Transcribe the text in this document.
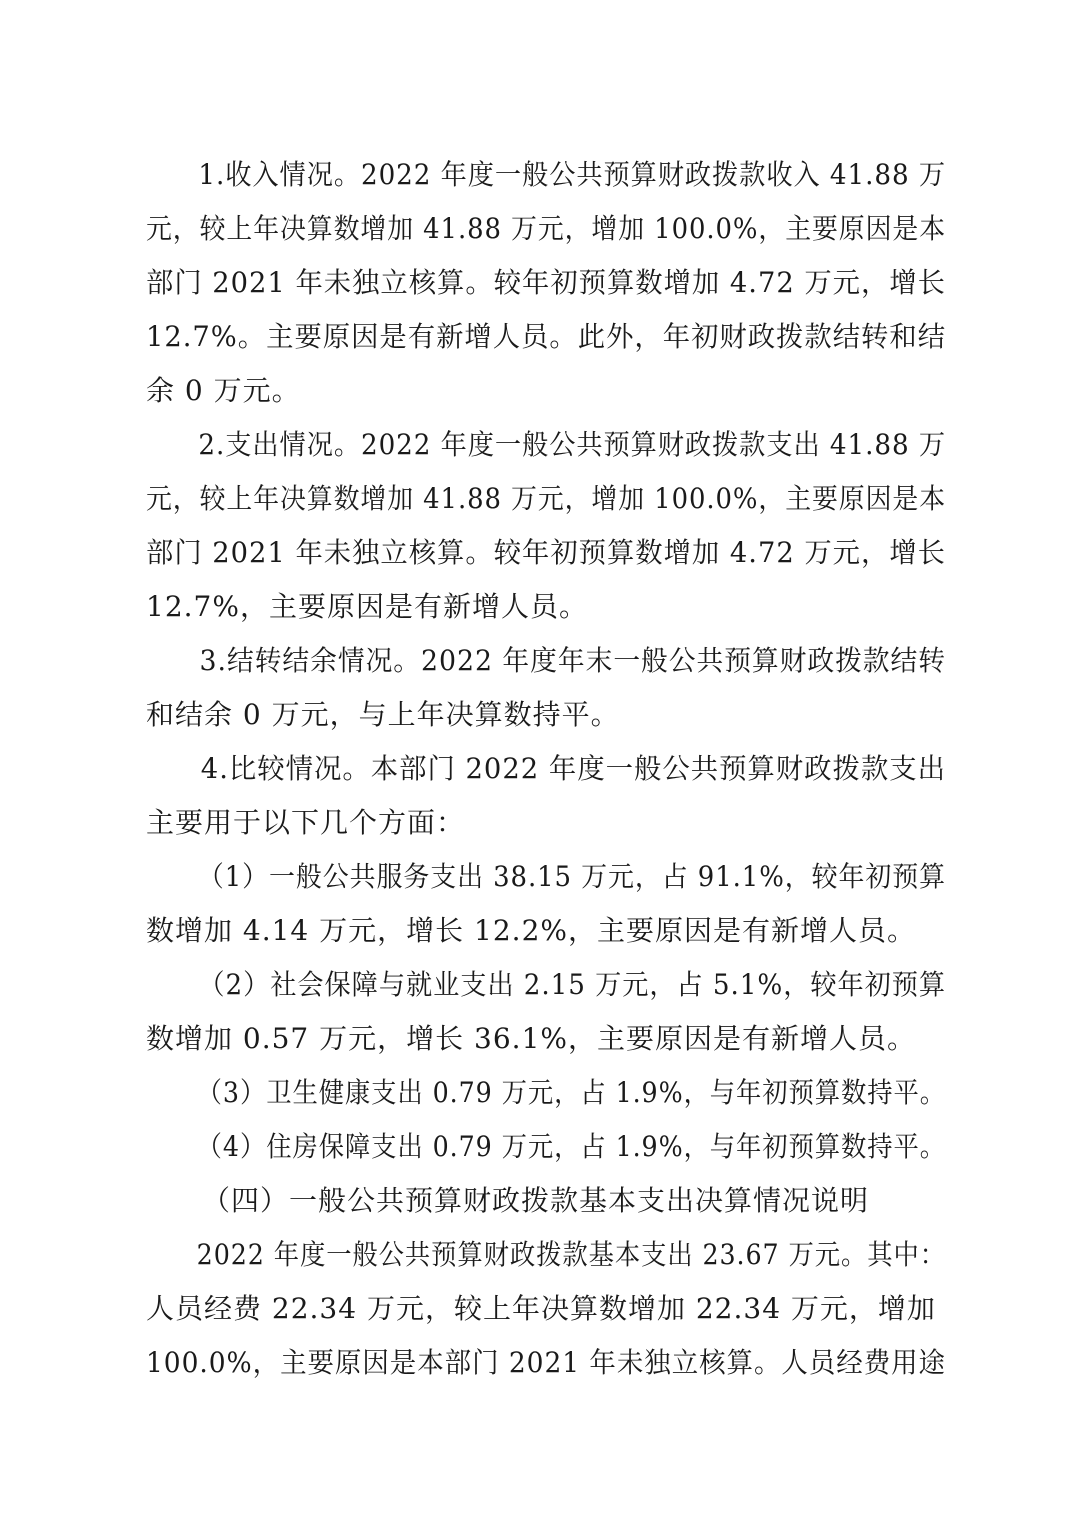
1.收入情况。2022 年度一般公共预算财政拨款收入 41.88 万
元，较上年决算数增加 41.88 万元，增加 100.0%，主要原因是本
部门 2021 年未独立核算。较年初预算数增加 4.72 万元，增长
12.7%。主要原因是有新增人员。此外，年初财政拨款结转和结
余 0 万元。
2.支出情况。2022 年度一般公共预算财政拨款支出 41.88 万
元，较上年决算数增加 41.88 万元，增加 100.0%，主要原因是本
部门 2021 年未独立核算。较年初预算数增加 4.72 万元，增长
12.7%，主要原因是有新增人员。
3.结转结余情况。2022 年度年末一般公共预算财政拨款结转
和结余 0 万元，与上年决算数持平。
4.比较情况。本部门 2022 年度一般公共预算财政拨款支出
主要用于以下几个方面：
（1）一般公共服务支出 38.15 万元，占 91.1%，较年初预算
数增加 4.14 万元，增长 12.2%，主要原因是有新增人员。
（2）社会保障与就业支出 2.15 万元，占 5.1%，较年初预算
数增加 0.57 万元，增长 36.1%，主要原因是有新增人员。
（3）卫生健康支出 0.79 万元，占 1.9%，与年初预算数持平。
（4）住房保障支出 0.79 万元，占 1.9%，与年初预算数持平。
（四）一般公共预算财政拨款基本支出决算情况说明
2022 年度一般公共预算财政拨款基本支出 23.67 万元。其中：
人员经费 22.34 万元，较上年决算数增加 22.34 万元，增加
100.0%，主要原因是本部门 2021 年未独立核算。人员经费用途
